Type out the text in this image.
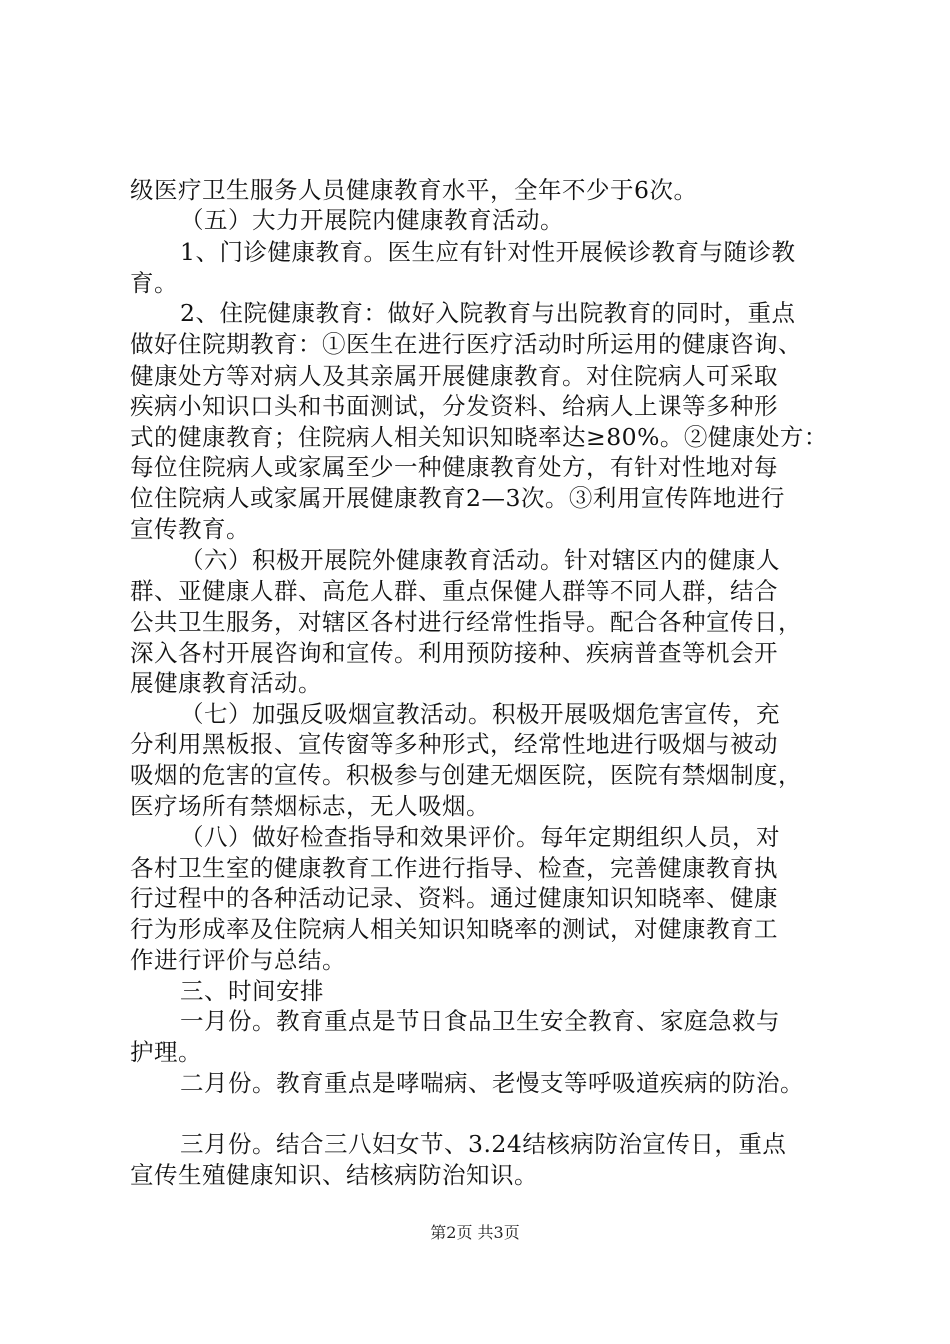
级医疗卫生服务人员健康教育水平，全年不少于6次。
（五）大力开展院内健康教育活动。
1、门诊健康教育。医生应有针对性开展候诊教育与随诊教
育。
2、住院健康教育：做好入院教育与出院教育的同时，重点
做好住院期教育：①医生在进行医疗活动时所运用的健康咨询、
健康处方等对病人及其亲属开展健康教育。对住院病人可采取
疾病小知识口头和书面测试，分发资料、给病人上课等多种形
式的健康教育；住院病人相关知识知晓率达≥80%。②健康处方：
每位住院病人或家属至少一种健康教育处方，有针对性地对每
位住院病人或家属开展健康教育2—3次。③利用宣传阵地进行
宣传教育。
（六）积极开展院外健康教育活动。针对辖区内的健康人
群、亚健康人群、高危人群、重点保健人群等不同人群，结合
公共卫生服务，对辖区各村进行经常性指导。配合各种宣传日，
深入各村开展咨询和宣传。利用预防接种、疾病普查等机会开
展健康教育活动。
（七）加强反吸烟宣教活动。积极开展吸烟危害宣传，充
分利用黑板报、宣传窗等多种形式，经常性地进行吸烟与被动
吸烟的危害的宣传。积极参与创建无烟医院，医院有禁烟制度，
医疗场所有禁烟标志，无人吸烟。
（八）做好检查指导和效果评价。每年定期组织人员，对
各村卫生室的健康教育工作进行指导、检查，完善健康教育执
行过程中的各种活动记录、资料。通过健康知识知晓率、健康
行为形成率及住院病人相关知识知晓率的测试，对健康教育工
作进行评价与总结。
三、时间安排
一月份。教育重点是节日食品卫生安全教育、家庭急救与
护理。
二月份。教育重点是哮喘病、老慢支等呼吸道疾病的防治。
三月份。结合三八妇女节、3.24结核病防治宣传日，重点
宣传生殖健康知识、结核病防治知识。
第2页 共3页
